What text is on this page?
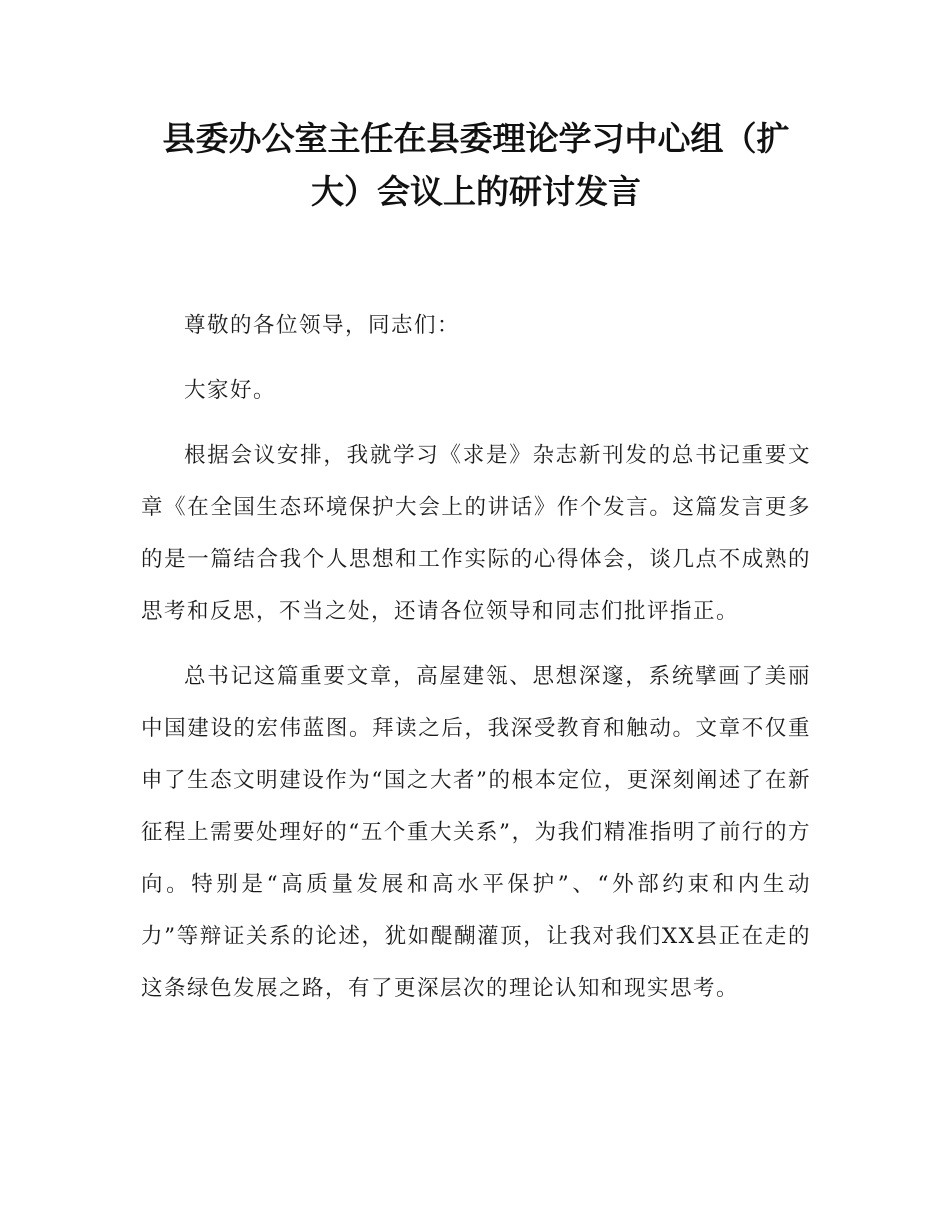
县委办公室主任在县委理论学习中心组（扩大）会议上的研讨发言

尊敬的各位领导，同志们：

大家好。

根据会议安排，我就学习《求是》杂志新刊发的总书记重要文章《在全国生态环境保护大会上的讲话》作个发言。这篇发言更多的是一篇结合我个人思想和工作实际的心得体会，谈几点不成熟的思考和反思，不当之处，还请各位领导和同志们批评指正。

总书记这篇重要文章，高屋建瓴、思想深邃，系统擘画了美丽中国建设的宏伟蓝图。拜读之后，我深受教育和触动。文章不仅重申了生态文明建设作为“国之大者”的根本定位，更深刻阐述了在新征程上需要处理好的“五个重大关系”，为我们精准指明了前行的方向。特别是“高质量发展和高水平保护”、“外部约束和内生动力”等辩证关系的论述，犹如醍醐灌顶，让我对我们XX县正在走的这条绿色发展之路，有了更深层次的理论认知和现实思考。
